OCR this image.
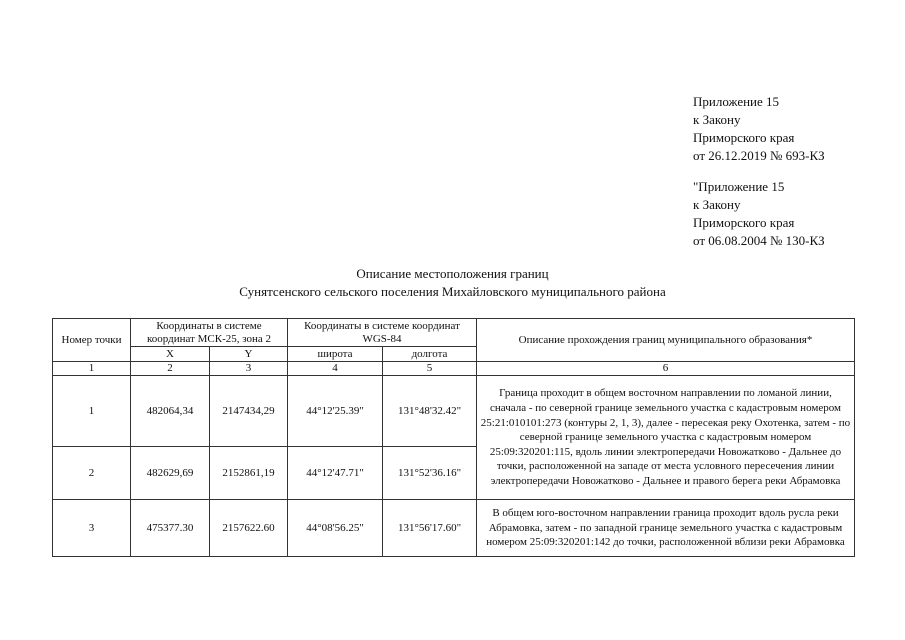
Приложение 15
к Закону
Приморского края
от 26.12.2019 № 693-КЗ
"Приложение 15
к Закону
Приморского края
от 06.08.2004 № 130-КЗ
Описание местоположения границ
Сунятсенского сельского поселения Михайловского муниципального района
Номер точки	Координаты в системе координат МСК-25, зона 2		Координаты в системе координат WGS-84		Описание прохождения границ муниципального образования*
	X	Y	широта	долгота	
1	2	3	4	5	6
1	482064,34	2147434,29	44°12'25.39"	131°48'32.42"	Граница проходит в общем восточном направлении по ломаной линии, сначала - по северной границе земельного участка с кадастровым номером 25:21:010101:273 (контуры 2, 1, 3), далее - пересекая реку Охотенка, затем - по северной границе земельного участка с кадастровым номером 25:09:320201:115, вдоль линии электропередачи Новожатково - Дальнее до точки, расположенной на западе от места условного пересечения линии электропередачи Новожатково - Дальнее и правого берега реки Абрамовка
2	482629,69	2152861,19	44°12'47.71"	131°52'36.16"	
3	475377.30	2157622.60	44°08'56.25"	131°56'17.60"	В общем юго-восточном направлении граница проходит вдоль русла реки Абрамовка, затем - по западной границе земельного участка с кадастровым номером 25:09:320201:142 до точки, расположенной вблизи реки Абрамовка
